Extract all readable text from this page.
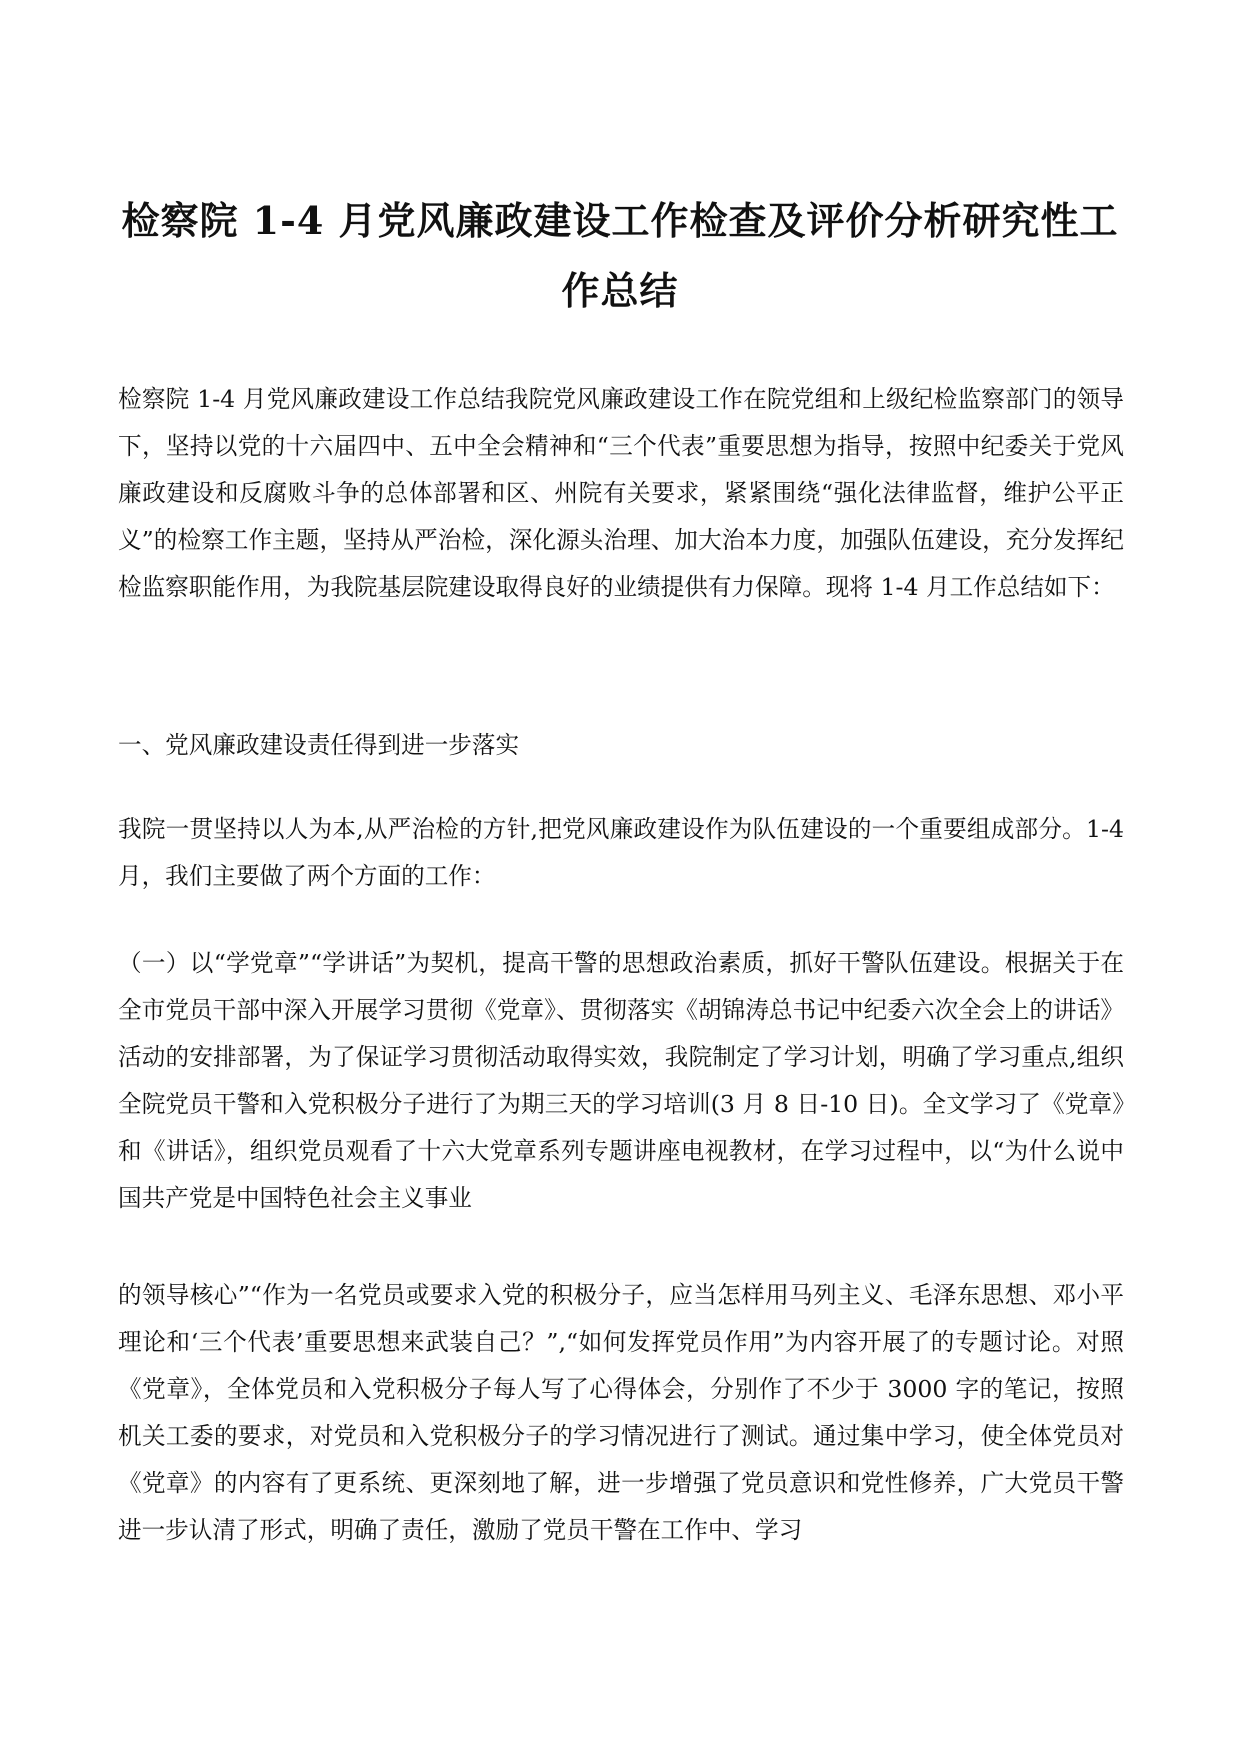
检察院 1-4 月党风廉政建设工作检查及评价分析研究性工作总结

检察院 1-4 月党风廉政建设工作总结我院党风廉政建设工作在院党组和上级纪检监察部门的领导下，坚持以党的十六届四中、五中全会精神和“三个代表”重要思想为指导，按照中纪委关于党风廉政建设和反腐败斗争的总体部署和区、州院有关要求，紧紧围绕“强化法律监督，维护公平正义”的检察工作主题，坚持从严治检，深化源头治理、加大治本力度，加强队伍建设，充分发挥纪检监察职能作用，为我院基层院建设取得良好的业绩提供有力保障。现将 1-4 月工作总结如下：

一、党风廉政建设责任得到进一步落实

我院一贯坚持以人为本,从严治检的方针,把党风廉政建设作为队伍建设的一个重要组成部分。1-4 月，我们主要做了两个方面的工作：

（一）以“学党章”“学讲话”为契机，提高干警的思想政治素质，抓好干警队伍建设。根据关于在全市党员干部中深入开展学习贯彻《党章》、贯彻落实《胡锦涛总书记中纪委六次全会上的讲话》活动的安排部署，为了保证学习贯彻活动取得实效，我院制定了学习计划，明确了学习重点,组织全院党员干警和入党积极分子进行了为期三天的学习培训(3 月 8 日-10 日)。全文学习了《党章》和《讲话》，组织党员观看了十六大党章系列专题讲座电视教材，在学习过程中，以“为什么说中国共产党是中国特色社会主义事业

的领导核心”“作为一名党员或要求入党的积极分子，应当怎样用马列主义、毛泽东思想、邓小平理论和‘三个代表’重要思想来武装自己？”,“如何发挥党员作用”为内容开展了的专题讨论。对照《党章》，全体党员和入党积极分子每人写了心得体会，分别作了不少于 3000 字的笔记，按照机关工委的要求，对党员和入党积极分子的学习情况进行了测试。通过集中学习，使全体党员对《党章》的内容有了更系统、更深刻地了解，进一步增强了党员意识和党性修养，广大党员干警进一步认清了形式，明确了责任，激励了党员干警在工作中、学习
